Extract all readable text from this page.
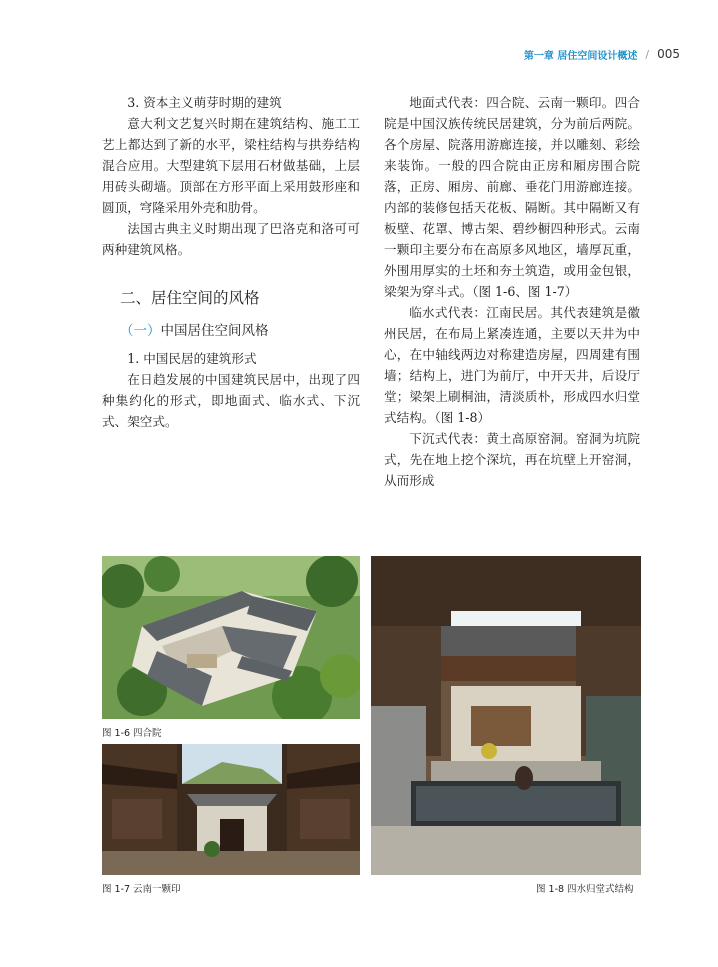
第一章 居住空间设计概述 / 005
3. 资本主义萌芽时期的建筑

意大利文艺复兴时期在建筑结构、施工工艺上都达到了新的水平，梁柱结构与拱券结构混合应用。大型建筑下层用石材做基础，上层用砖头砌墙。顶部在方形平面上采用鼓形座和圆顶，穹隆采用外壳和肋骨。

法国古典主义时期出现了巴洛克和洛可可两种建筑风格。

二、居住空间的风格
（一）中国居住空间风格
1. 中国民居的建筑形式

在日趋发展的中国建筑民居中，出现了四种集约化的形式，即地面式、临水式、下沉式、架空式。

地面式代表：四合院、云南一颗印。四合院是中国汉族传统民居建筑，分为前后两院。各个房屋、院落用游廊连接，并以雕刻、彩绘来装饰。一般的四合院由正房和厢房围合院落，正房、厢房、前廊、垂花门用游廊连接。内部的装修包括天花板、隔断。其中隔断又有板壁、花罩、博古架、碧纱橱四种形式。云南一颗印主要分布在高原多风地区，墙厚瓦重，外围用厚实的土坯和夯土筑造，或用金包银，梁架为穿斗式。（图 1-6、图 1-7）

临水式代表：江南民居。其代表建筑是徽州民居，在布局上紧凑连通，主要以天井为中心，在中轴线两边对称建造房屋，四周建有围墙；结构上，进门为前厅，中开天井，后设厅堂；梁架上刷桐油，清淡质朴，形成四水归堂式结构。（图 1-8）

下沉式代表：黄土高原窑洞。窑洞为坑院式，先在地上挖个深坑，再在坑壁上开窑洞，从而形成

图 1-6 四合院
图 1-7 云南一颗印	图 1-8 四水归堂式结构
